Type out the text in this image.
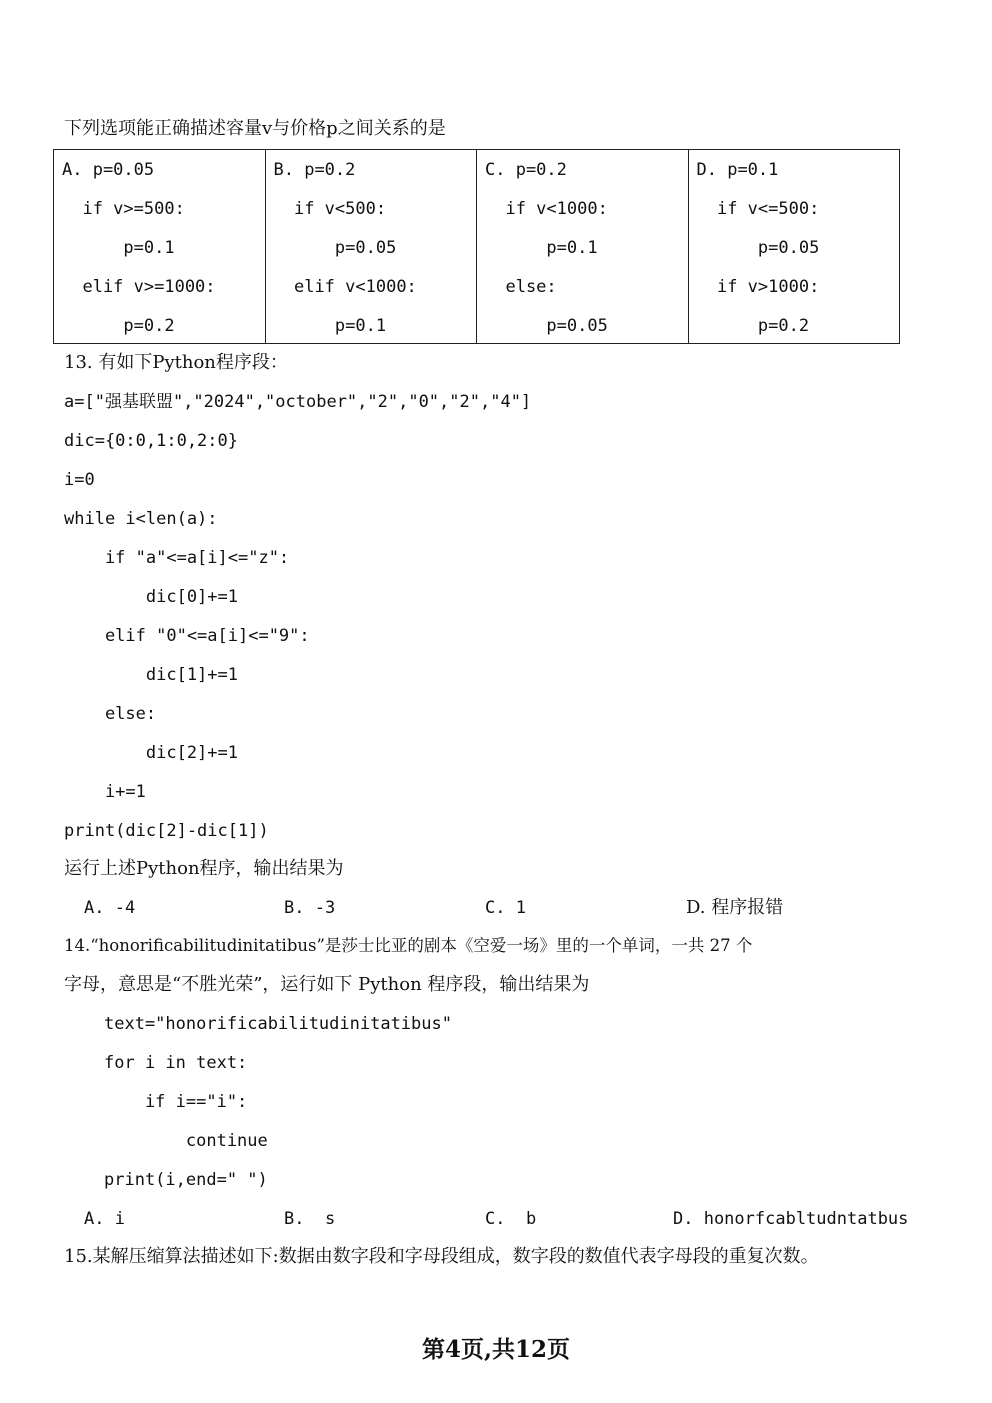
下列选项能正确描述容量v与价格p之间关系的是
A. p=0.05
if v>=500:
p=0.1
elif v>=1000:
p=0.2

B. p=0.2
if v<500:
p=0.05
elif v<1000:
p=0.1

C. p=0.2
if v<1000:
p=0.1
else:
p=0.05

D. p=0.1
if v<=500:
p=0.05
if v>1000:
p=0.2
13. 有如下Python程序段：
a=["强基联盟","2024","october","2","0","2","4"]
dic={0:0,1:0,2:0}
i=0
while i<len(a):
if "a"<=a[i]<="z":
dic[0]+=1
elif "0"<=a[i]<="9":
dic[1]+=1
else:
dic[2]+=1
i+=1
print(dic[2]-dic[1])
运行上述Python程序，输出结果为
A. -4	B. -3	C. 1	D. 程序报错
14.“honorificabilitudinitatibus”是莎士比亚的剧本《空爱一场》里的一个单词，一共 27 个
字母，意思是“不胜光荣”，运行如下 Python 程序段，输出结果为
text="honorificabilitudinitatibus"
for i in text:
if i=="i":
continue
print(i,end=" ")
A. i	B.  s	C.  b	D. honorfcabltudntatbus
15.某解压缩算法描述如下:数据由数字段和字母段组成，数字段的数值代表字母段的重复次数。
第4页,共12页
